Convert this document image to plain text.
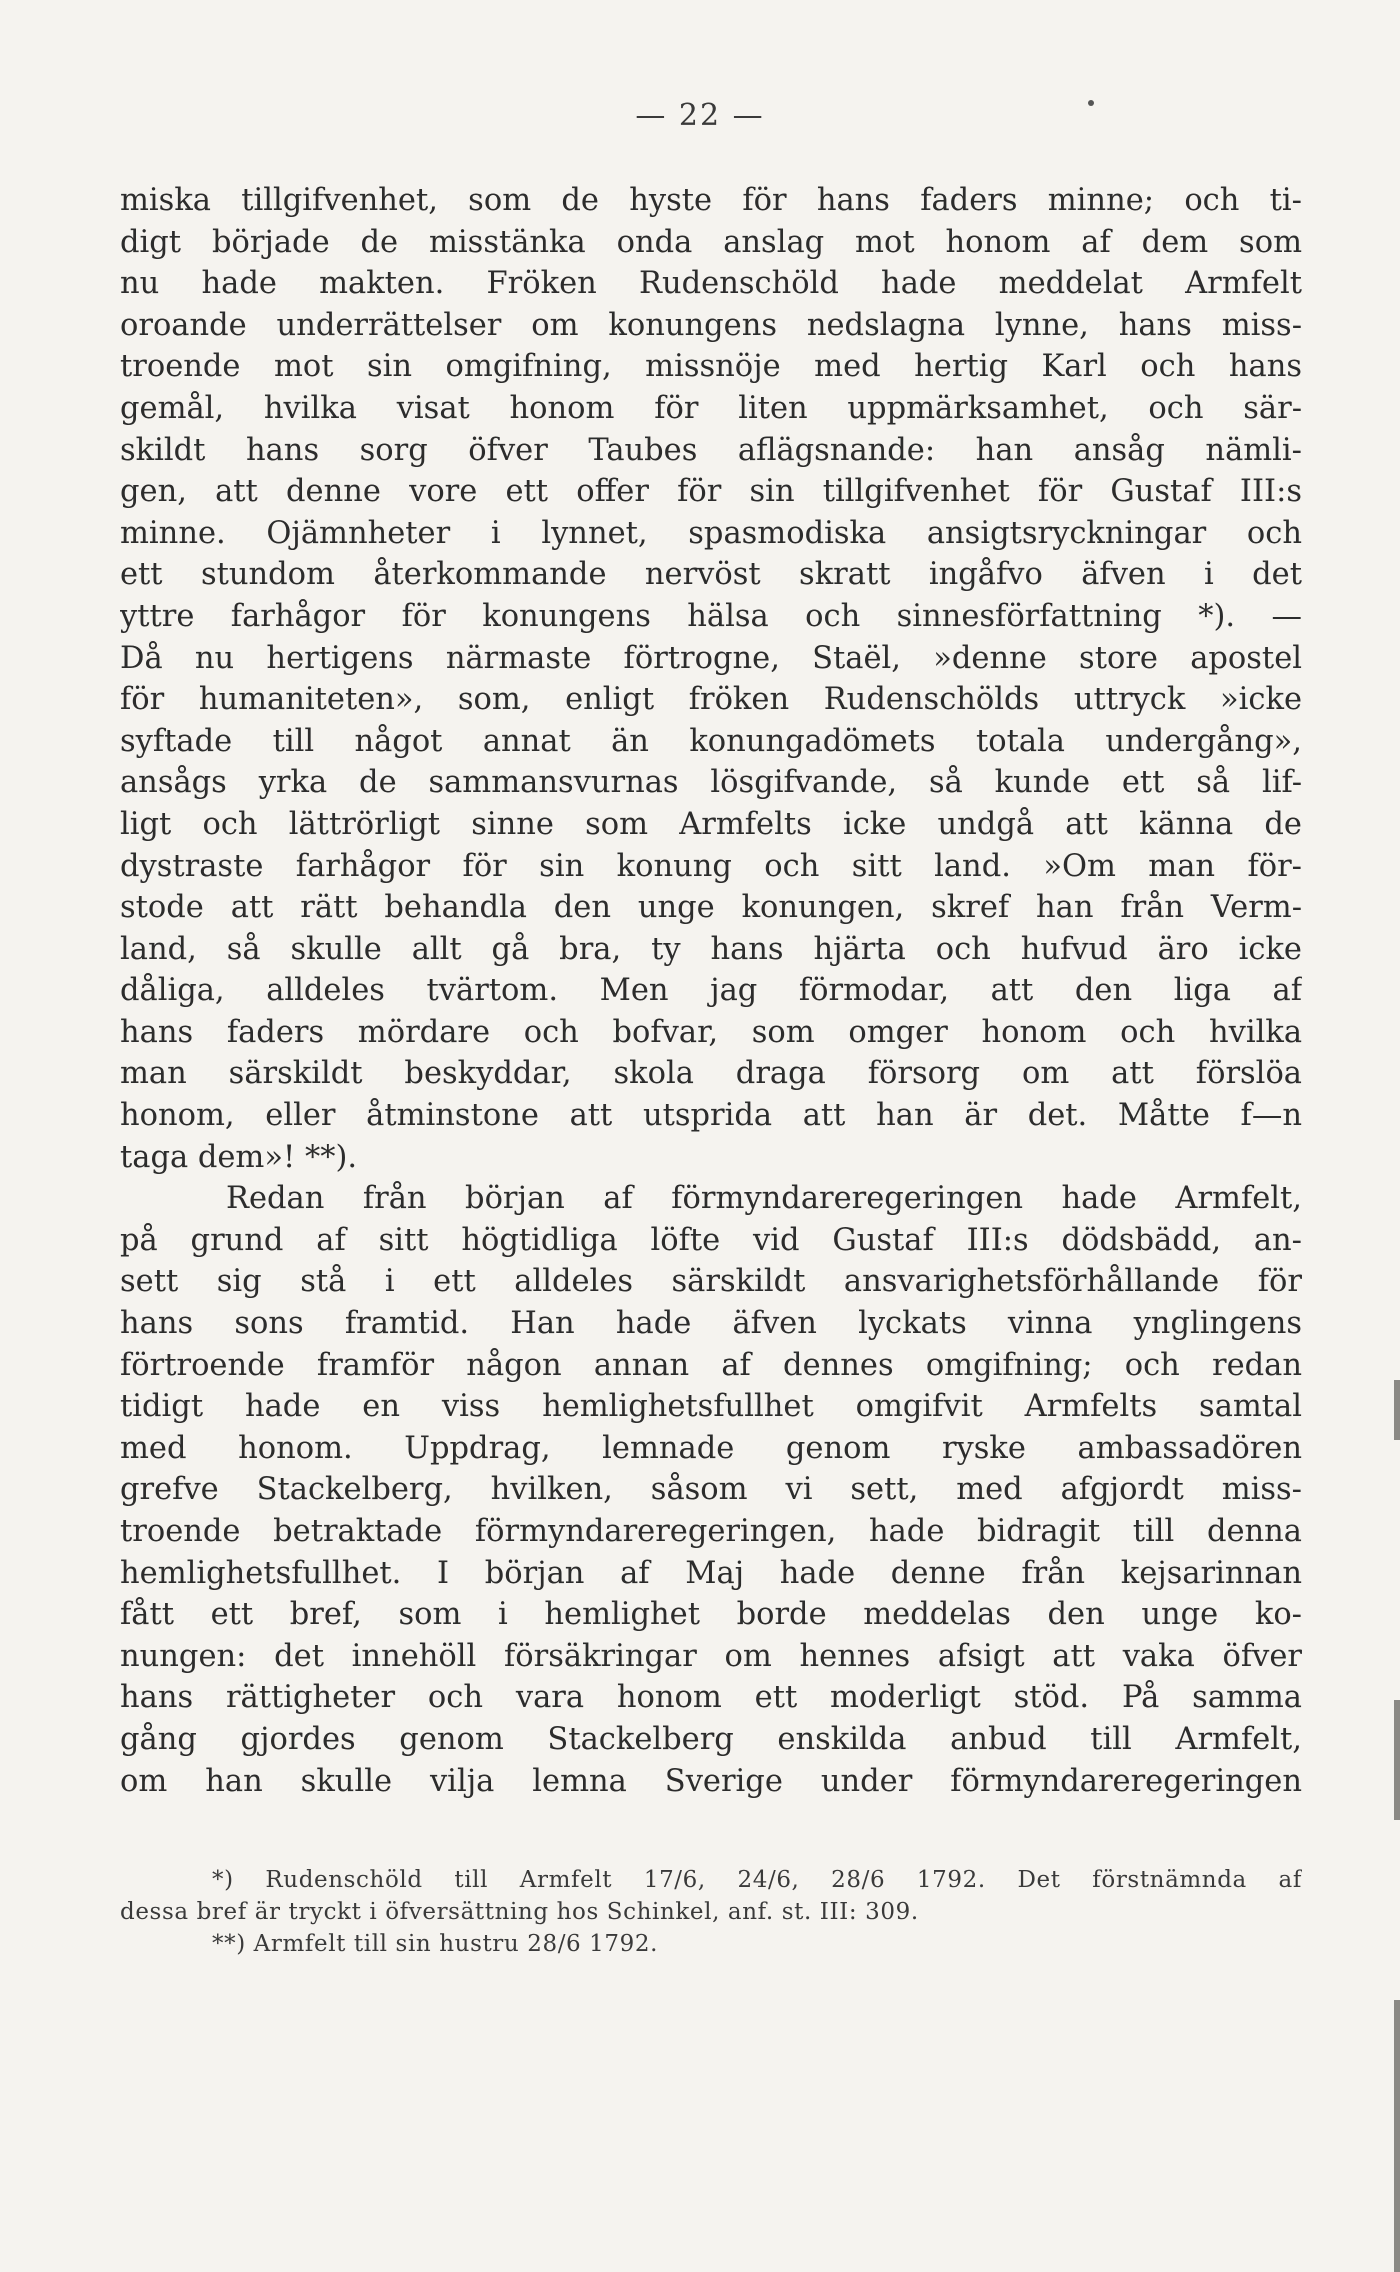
— 22 —
miska tillgifvenhet, som de hyste för hans faders minne; och ti-
digt började de misstänka onda anslag mot honom af dem som
nu hade makten. Fröken Rudenschöld hade meddelat Armfelt
oroande underrättelser om konungens nedslagna lynne, hans miss-
troende mot sin omgifning, missnöje med hertig Karl och hans
gemål, hvilka visat honom för liten uppmärksamhet, och sär-
skildt hans sorg öfver Taubes aflägsnande: han ansåg nämli-
gen, att denne vore ett offer för sin tillgifvenhet för Gustaf III:s
minne. Ojämnheter i lynnet, spasmodiska ansigtsryckningar och
ett stundom återkommande nervöst skratt ingåfvo äfven i det
yttre farhågor för konungens hälsa och sinnesförfattning *). —
Då nu hertigens närmaste förtrogne, Staël, »denne store apostel
för humaniteten», som, enligt fröken Rudenschölds uttryck »icke
syftade till något annat än konungadömets totala undergång»,
ansågs yrka de sammansvurnas lösgifvande, så kunde ett så lif-
ligt och lättrörligt sinne som Armfelts icke undgå att känna de
dystraste farhågor för sin konung och sitt land. »Om man för-
stode att rätt behandla den unge konungen, skref han från Verm-
land, så skulle allt gå bra, ty hans hjärta och hufvud äro icke
dåliga, alldeles tvärtom. Men jag förmodar, att den liga af
hans faders mördare och bofvar, som omger honom och hvilka
man särskildt beskyddar, skola draga försorg om att förslöa
honom, eller åtminstone att utsprida att han är det. Måtte f—n
taga dem»! **).
Redan från början af förmyndareregeringen hade Armfelt,
på grund af sitt högtidliga löfte vid Gustaf III:s dödsbädd, an-
sett sig stå i ett alldeles särskildt ansvarighetsförhållande för
hans sons framtid. Han hade äfven lyckats vinna ynglingens
förtroende framför någon annan af dennes omgifning; och redan
tidigt hade en viss hemlighetsfullhet omgifvit Armfelts samtal
med honom. Uppdrag, lemnade genom ryske ambassadören
grefve Stackelberg, hvilken, såsom vi sett, med afgjordt miss-
troende betraktade förmyndareregeringen, hade bidragit till denna
hemlighetsfullhet. I början af Maj hade denne från kejsarinnan
fått ett bref, som i hemlighet borde meddelas den unge ko-
nungen: det innehöll försäkringar om hennes afsigt att vaka öfver
hans rättigheter och vara honom ett moderligt stöd. På samma
gång gjordes genom Stackelberg enskilda anbud till Armfelt,
om han skulle vilja lemna Sverige under förmyndareregeringen
*) Rudenschöld till Armfelt 17/6, 24/6, 28/6 1792. Det förstnämnda af
dessa bref är tryckt i öfversättning hos Schinkel, anf. st. III: 309.
**) Armfelt till sin hustru 28/6 1792.
